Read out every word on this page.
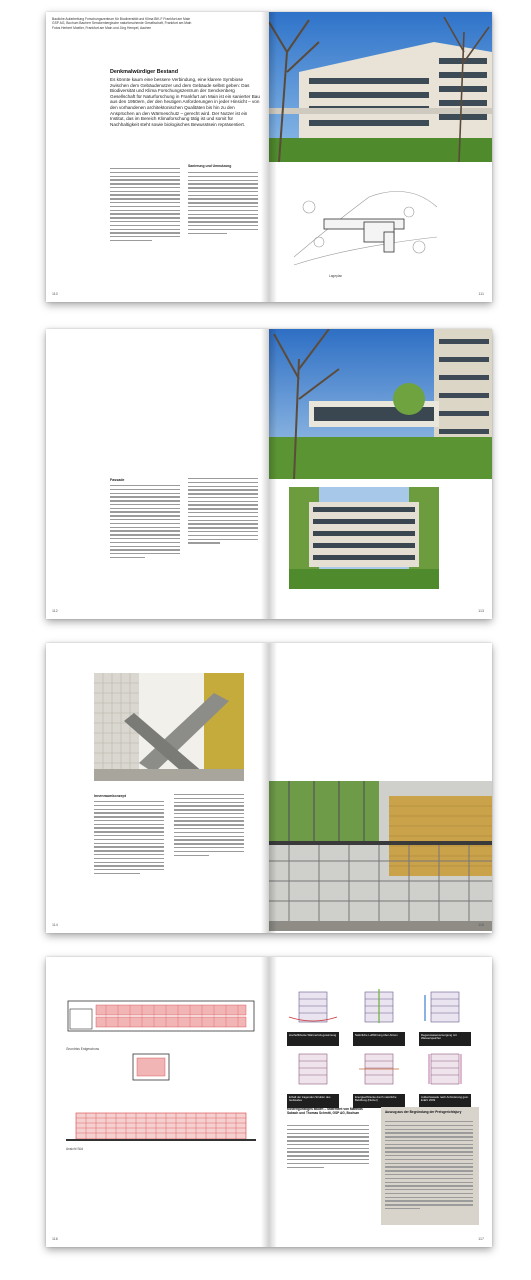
Bauliche Aufarbeitung Forschungszentrum für Biodiversität und Klima BiK-F Frankfurt am Main
GSP AG, Bochum Bauherr Senckenbergische naturforschende Gesellschaft, Frankfurt am Main
Fotos Herbert Moeller, Frankfurt am Main und Jörg Hempel, Aachen
Denkmalwürdiger Bestand
Es könnte kaum eine bessere Verbindung, eine klarere Symbiose zwischen dem Gebäudenutzer und dem Gebäude selbst geben: Das Biodiversität und Klima Forschungszentrum der Senckenberg Gesellschaft für Naturforschung in Frankfurt am Main ist ein sanierter Bau aus den 1950ern, der den heutigen Anforderungen in jeder Hinsicht – von den vorhandenen architektonischen Qualitäten bis hin zu den Ansprüchen an den Wärmeschutz – gerecht wird. Der Nutzer ist ein Institut, das im Bereich Klimaforschung tätig ist und somit für Nachhaltigkeit steht sowie biologisches Bewusstsein repräsentiert.
Sanierung und Umnutzung
110
Lageplan
111
Fassade
112	113
Innenraumkonzept
114	115
Grundriss Erdgeschoss
Ansicht Süd
116
Hocheffiziente Wärmerück-gewinnung	Natürliche Luftführung über Atrium	Regenwasserversorgung mit Wasserspeicher
Erhalt der tragenden Struktur des Gebäudes
Energieeffiziente durch natürliche Belüftung (Nutzer)
Außenfassade nach Anforderung gem. EnEV 2009
Kostengünstiges Bauen – Statement von Matthias Sabach und Thomas Schmitt, GSP AG, Bochum	Auszug aus der Begründung der Preisgerichtsjury
117
